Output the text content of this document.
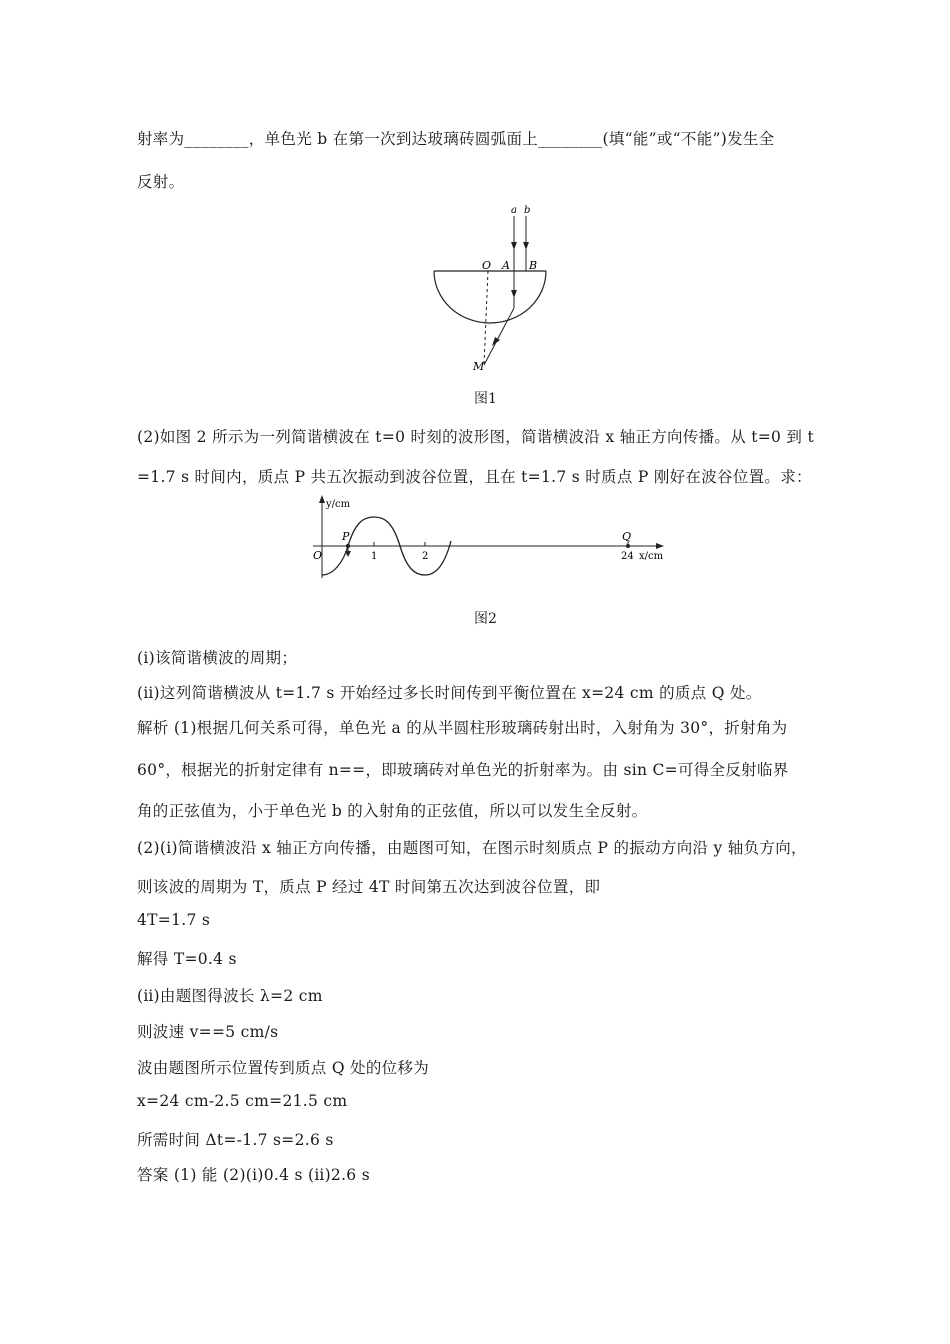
射率为________，单色光 b 在第一次到达玻璃砖圆弧面上________(填“能”或“不能”)发生全
反射。
a b
O A B
M
图1
(2)如图 2 所示为一列简谐横波在 t=0 时刻的波形图，简谐横波沿 x 轴正方向传播。从 t=0 到 t
=1.7 s 时间内，质点 P 共五次振动到波谷位置，且在 t=1.7 s 时质点 P 刚好在波谷位置。求：
y/cm
x/cm
O
P	Q
1	2	24
图2
(ⅰ)该简谐横波的周期；
(ⅱ)这列简谐横波从 t=1.7 s 开始经过多长时间传到平衡位置在 x=24 cm 的质点 Q 处。
解析 (1)根据几何关系可得，单色光 a 的从半圆柱形玻璃砖射出时，入射角为 30°，折射角为
60°，根据光的折射定律有 n==，即玻璃砖对单色光的折射率为。由 sin C=可得全反射临界
角的正弦值为，小于单色光 b 的入射角的正弦值，所以可以发生全反射。
(2)(ⅰ)简谐横波沿 x 轴正方向传播，由题图可知，在图示时刻质点 P 的振动方向沿 y 轴负方向，
则该波的周期为 T，质点 P 经过 4T 时间第五次达到波谷位置，即
4T=1.7 s
解得 T=0.4 s
(ⅱ)由题图得波长 λ=2 cm
则波速 v==5 cm/s
波由题图所示位置传到质点 Q 处的位移为
x=24 cm-2.5 cm=21.5 cm
所需时间 Δt=-1.7 s=2.6 s
答案 (1) 能 (2)(ⅰ)0.4 s (ⅱ)2.6 s
